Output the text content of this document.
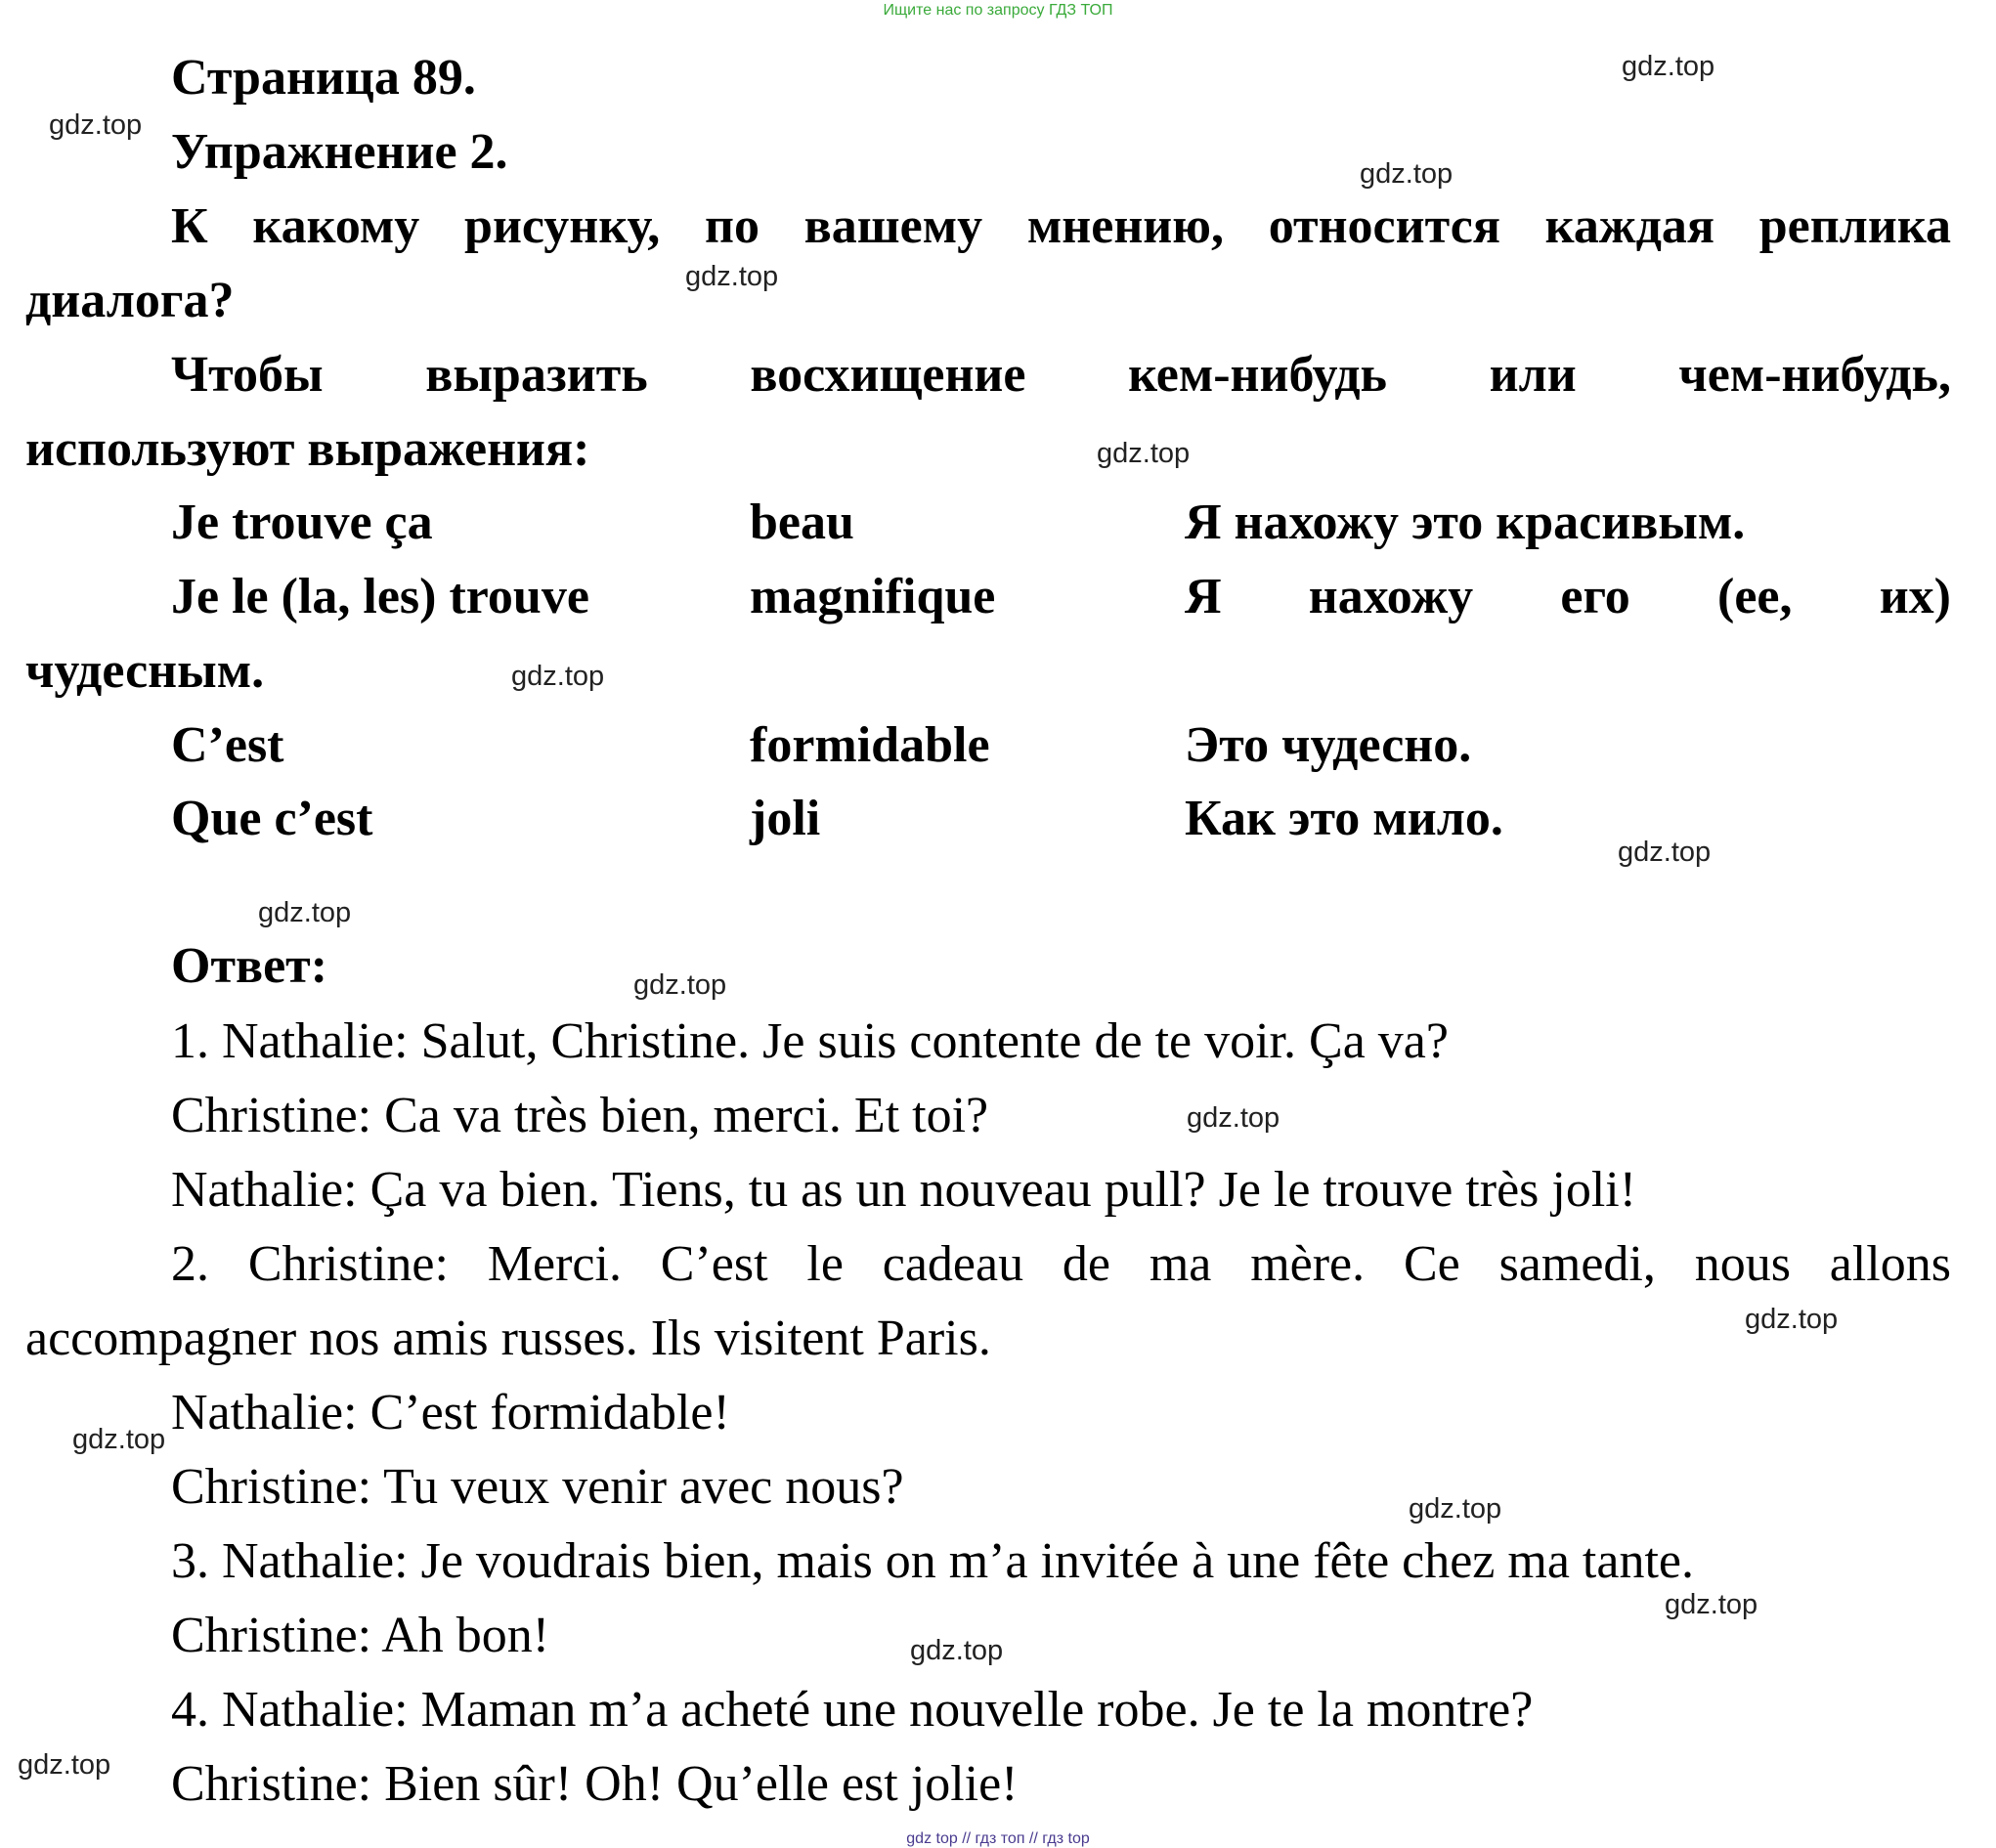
Ищите нас по запросу ГДЗ ТОП
Страница 89.
Упражнение 2.
К какому рисунку, по вашему мнению, относится каждая реплика
диалога?
Чтобы выразить восхищение кем-нибудь или чем-нибудь,
используют выражения:
Je trouve ça	beau	Я нахожу это красивым.
Je le (la, les) trouve	magnifique	Я нахожу его (ее, их)
чудесным.
C’est	formidable	Это чудесно.
Que c’est	joli	Как это мило.
Ответ:
1. Nathalie: Salut, Christine. Je suis contente de te voir. Ça va?
Christine: Ca va très bien, merci. Et toi?
Nathalie: Ça va bien. Tiens, tu as un nouveau pull? Je le trouve très joli!
2. Christine: Merci. C’est le cadeau de ma mère. Ce samedi, nous allons
accompagner nos amis russes. Ils visitent Paris.
Nathalie: C’est formidable!
Christine: Tu veux venir avec nous?
3. Nathalie: Je voudrais bien, mais on m’a invitée à une fête chez ma tante.
Christine: Ah bon!
4. Nathalie: Maman m’a acheté une nouvelle robe. Je te la montre?
Christine: Bien sûr! Oh! Qu’elle est jolie!
gdz.top
gdz.top
gdz.top
gdz.top
gdz.top
gdz.top
gdz.top
gdz.top
gdz.top
gdz.top
gdz.top
gdz.top
gdz.top
gdz.top
gdz.top
gdz.top
gdz top // гдз топ // гдз top
